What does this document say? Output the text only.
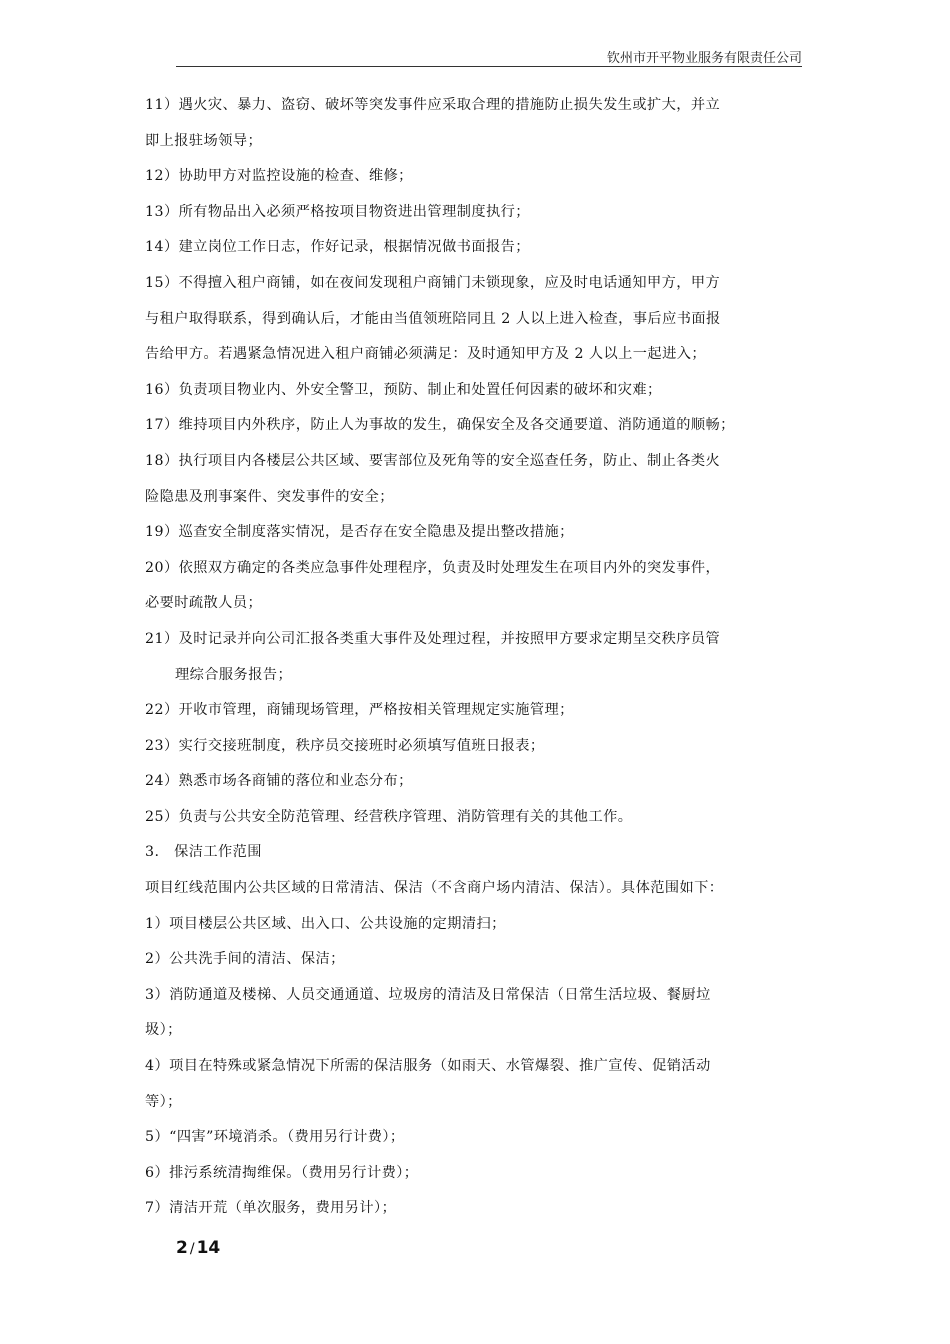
钦州市开平物业服务有限责任公司
11）遇火灾、暴力、盗窃、破坏等突发事件应采取合理的措施防止损失发生或扩大，并立
即上报驻场领导；
12）协助甲方对监控设施的检查、维修；
13）所有物品出入必须严格按项目物资进出管理制度执行；
14）建立岗位工作日志，作好记录，根据情况做书面报告；
15）不得擅入租户商铺，如在夜间发现租户商铺门未锁现象，应及时电话通知甲方，甲方
与租户取得联系，得到确认后，才能由当值领班陪同且 2 人以上进入检查，事后应书面报
告给甲方。若遇紧急情况进入租户商铺必须满足：及时通知甲方及 2 人以上一起进入；
16）负责项目物业内、外安全警卫，预防、制止和处置任何因素的破坏和灾难；
17）维持项目内外秩序，防止人为事故的发生，确保安全及各交通要道、消防通道的顺畅；
18）执行项目内各楼层公共区域、要害部位及死角等的安全巡查任务，防止、制止各类火
险隐患及刑事案件、突发事件的安全；
19）巡查安全制度落实情况，是否存在安全隐患及提出整改措施；
20）依照双方确定的各类应急事件处理程序，负责及时处理发生在项目内外的突发事件，
必要时疏散人员；
21）及时记录并向公司汇报各类重大事件及处理过程，并按照甲方要求定期呈交秩序员管
理综合服务报告；
22）开收市管理，商铺现场管理，严格按相关管理规定实施管理；
23）实行交接班制度，秩序员交接班时必须填写值班日报表；
24）熟悉市场各商铺的落位和业态分布；
25）负责与公共安全防范管理、经营秩序管理、消防管理有关的其他工作。
3.　保洁工作范围
项目红线范围内公共区域的日常清洁、保洁（不含商户场内清洁、保洁）。具体范围如下：
1）项目楼层公共区域、出入口、公共设施的定期清扫；
2）公共洗手间的清洁、保洁；
3）消防通道及楼梯、人员交通通道、垃圾房的清洁及日常保洁（日常生活垃圾、餐厨垃
圾）；
4）项目在特殊或紧急情况下所需的保洁服务（如雨天、水管爆裂、推广宣传、促销活动
等）；
5）“四害”环境消杀。（费用另行计费）；
6）排污系统清掏维保。（费用另行计费）；
7）清洁开荒（单次服务，费用另计）；
2 / 14
